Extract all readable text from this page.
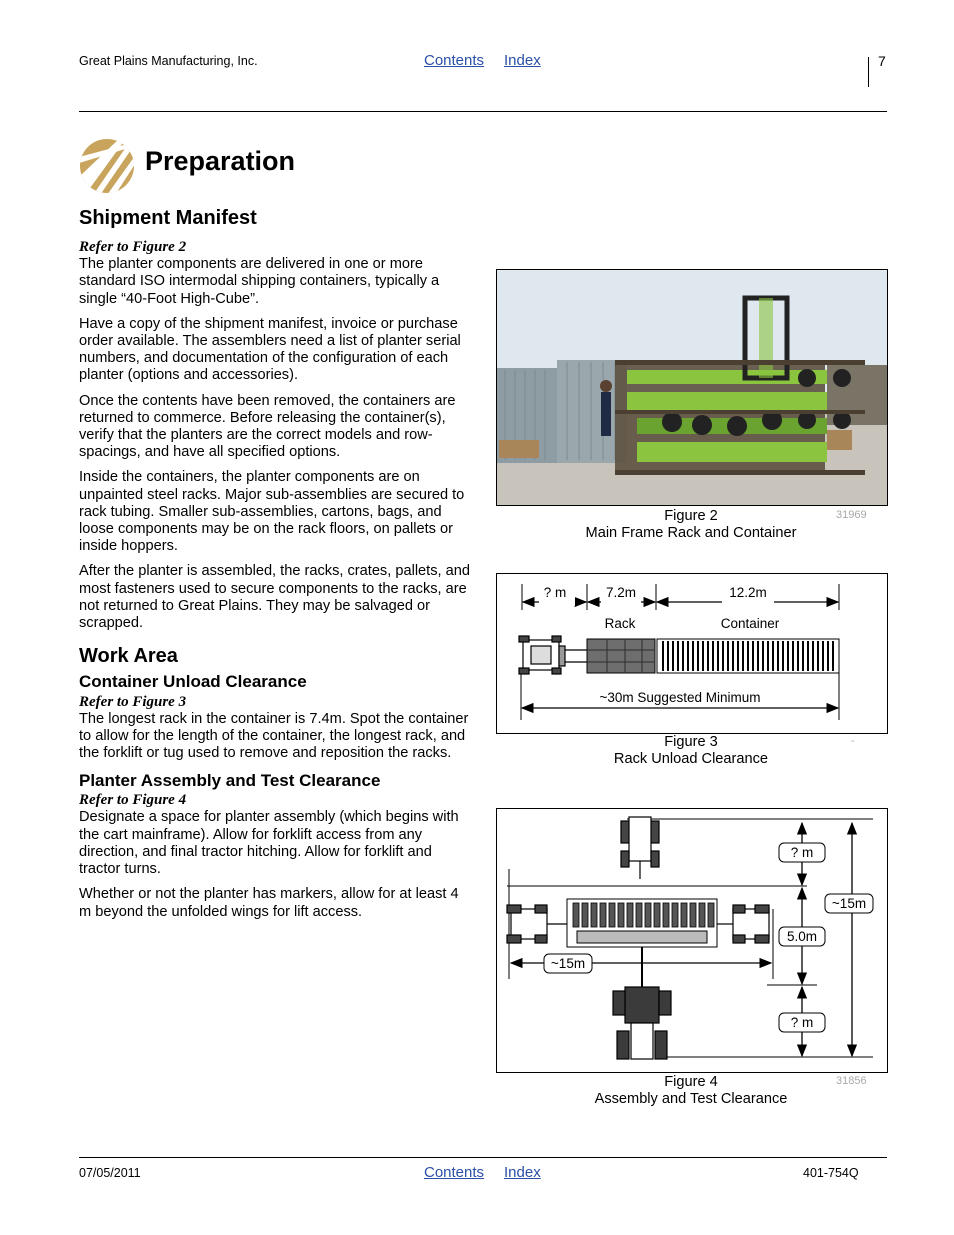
Great Plains Manufacturing, Inc.	Contents Index	7
Preparation
Shipment Manifest
Refer to Figure 2

The planter components are delivered in one or more standard ISO intermodal shipping containers, typically a single “40-Foot High-Cube”.

Have a copy of the shipment manifest, invoice or purchase order available. The assemblers need a list of planter serial numbers, and documentation of the configuration of each planter (options and accessories).

Once the contents have been removed, the containers are returned to commerce. Before releasing the container(s), verify that the planters are the correct models and row-spacings, and have all specified options.

Inside the containers, the planter components are on unpainted steel racks. Major sub-assemblies are secured to rack tubing. Smaller sub-assemblies, cartons, bags, and loose components may be on the rack floors, on pallets or inside hoppers.

After the planter is assembled, the racks, crates, pallets, and most fasteners used to secure components to the racks, are not returned to Great Plains. They may be salvaged or scrapped.

Work Area
Container Unload Clearance
Refer to Figure 3

The longest rack in the container is 7.4m. Spot the container to allow for the length of the container, the longest rack, and the forklift or tug used to remove and reposition the racks.

Planter Assembly and Test Clearance
Refer to Figure 4

Designate a space for planter assembly (which begins with the cart mainframe). Allow for forklift access from any direction, and final tractor hitching. Allow for forklift and tractor turns.

Whether or not the planter has markers, allow for at least 4 m beyond the unfolded wings for lift access.

31969
Figure 2
Main Frame Rack and Container
? m	7.2m	12.2m
Rack	Container
~30m Suggested Minimum
-
Figure 3
Rack Unload Clearance
? m
5.0m
? m
~15m
~15m
31856
Figure 4
Assembly and Test Clearance
07/05/2011	Contents Index	401-754Q
